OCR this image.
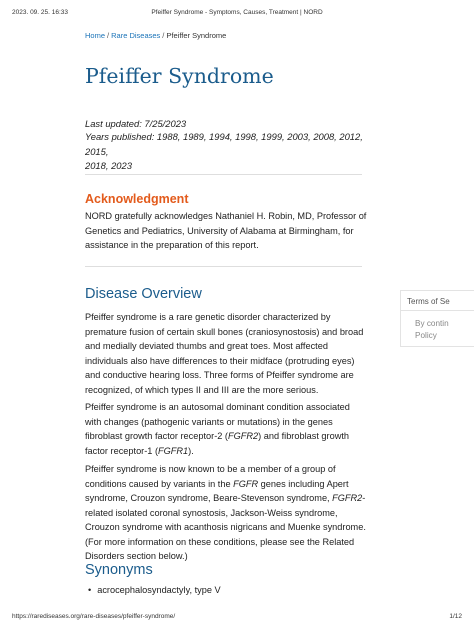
2023. 09. 25. 16:33	Pfeiffer Syndrome - Symptoms, Causes, Treatment | NORD
Home / Rare Diseases / Pfeiffer Syndrome
Pfeiffer Syndrome
Last updated: 7/25/2023
Years published: 1988, 1989, 1994, 1998, 1999, 2003, 2008, 2012, 2015,
2018, 2023
Acknowledgment

NORD gratefully acknowledges Nathaniel H. Robin, MD, Professor of Genetics and Pediatrics, University of Alabama at Birmingham, for assistance in the preparation of this report.

Disease Overview

Pfeiffer syndrome is a rare genetic disorder characterized by premature fusion of certain skull bones (craniosynostosis) and broad and medially deviated thumbs and great toes. Most affected individuals also have differences to their midface (protruding eyes) and conductive hearing loss. Three forms of Pfeiffer syndrome are recognized, of which types II and III are the more serious.

Pfeiffer syndrome is an autosomal dominant condition associated with changes (pathogenic variants or mutations) in the genes fibroblast growth factor receptor-2 (FGFR2) and fibroblast growth factor receptor-1 (FGFR1).

Pfeiffer syndrome is now known to be a member of a group of conditions caused by variants in the FGFR genes including Apert syndrome, Crouzon syndrome, Beare-Stevenson syndrome, FGFR2-related isolated coronal synostosis, Jackson-Weiss syndrome, Crouzon syndrome with acanthosis nigricans and Muenke syndrome. (For more information on these conditions, please see the Related Disorders section below.)

Synonyms
• acrocephalosyndactyly, type V
Terms of Se
By contin
Policy
https://rarediseases.org/rare-diseases/pfeiffer-syndrome/	1/12
